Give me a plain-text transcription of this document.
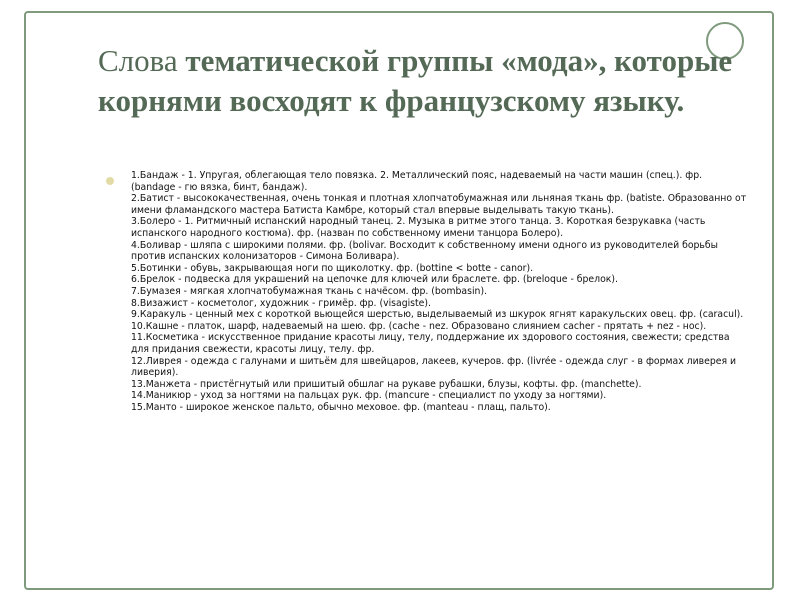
Слова тематической группы «мода», которые корнями восходят к французскому языку.
1.Бандаж - 1. Упругая, облегающая тело повязка. 2. Металлический пояс, надеваемый на части машин (спец.). фр. (bandage - гю вязка, бинт, бандаж).
2.Батист - высококачественная, очень тонкая и плотная хлопчатобумажная или льняная ткань фр. (batiste. Образованно от имени фламандского мастера Батиста Камбре, который стал впервые выделывать такую ткань).
3.Болеро - 1. Ритмичный испанский народный танец. 2. Музыка в ритме этого танца. 3. Короткая безрукавка (часть испанского народного костюма). фр. (назван по собственному имени танцора Болеро).
4.Боливар - шляпа с широкими полями. фр. (bolivar. Восходит к собственному имени одного из руководителей борьбы против испанских колонизаторов - Симона Боливара).
5.Ботинки - обувь, закрывающая ноги по щиколотку. фр. (bottine < botte - canor).
6.Брелок - подвеска для украшений на цепочке для ключей или браслете. фр. (breloque - брелок).
7.Бумазея - мягкая хлопчатобумажная ткань с начёсом. фр. (bombasin).
8.Визажист - косметолог, художник - гримёр. фр. (visagiste).
9.Каракуль - ценный мех с короткой вьющейся шерстью, выделываемый из шкурок ягнят каракульских овец. фр. (caracul).
10.Кашне - платок, шарф, надеваемый на шею. фр. (cache - nez. Образовано слиянием cacher - прятать + nez - нос).
11.Косметика - искусственное придание красоты лицу, телу, поддержание их здорового состояния, свежести; средства для придания свежести, красоты лицу, телу. фр.
12.Ливрея - одежда с галунами и шитьём для швейцаров, лакеев, кучеров. фр. (livrée - одежда слуг - в формах ливерея и ливерия).
13.Манжета - пристёгнутый или пришитый обшлаг на рукаве рубашки, блузы, кофты. фр. (manchette).
14.Маникюр - уход за ногтями на пальцах рук. фр. (mancure - специалист по уходу за ногтями).
15.Манто - широкое женское пальто, обычно меховое. фр. (manteau - плащ, пальто).
